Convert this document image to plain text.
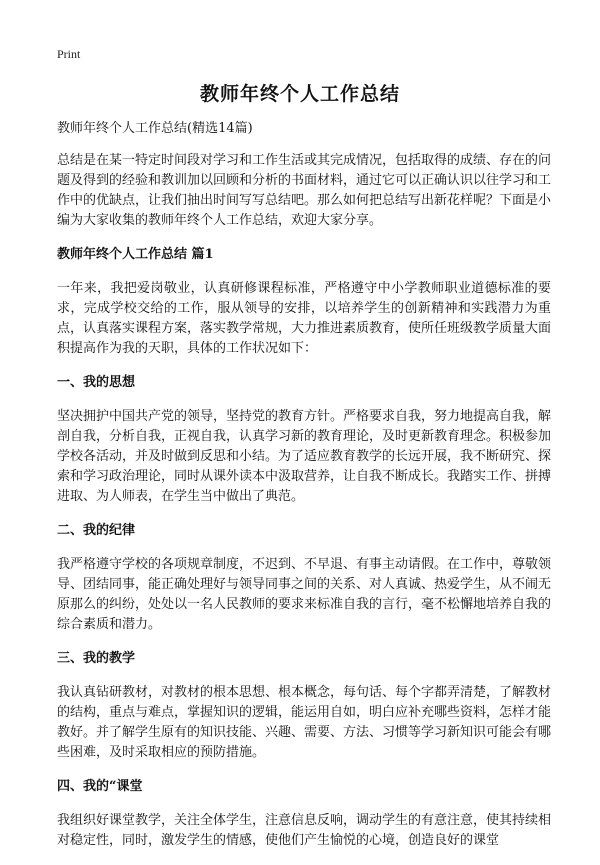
Print
教师年终个人工作总结

教师年终个人工作总结(精选14篇)

总结是在某一特定时间段对学习和工作生活或其完成情况，包括取得的成绩、存在的问题及得到的经验和教训加以回顾和分析的书面材料，通过它可以正确认识以往学习和工作中的优缺点，让我们抽出时间写写总结吧。那么如何把总结写出新花样呢？下面是小编为大家收集的教师年终个人工作总结，欢迎大家分享。

教师年终个人工作总结 篇1

一年来，我把爱岗敬业，认真研修课程标准，严格遵守中小学教师职业道德标准的要求，完成学校交给的工作，服从领导的安排，以培养学生的创新精神和实践潜力为重点，认真落实课程方案，落实教学常规，大力推进素质教育，使所任班级教学质量大面积提高作为我的天职，具体的工作状况如下：

一、我的思想

坚决拥护中国共产党的领导，坚持党的教育方针。严格要求自我，努力地提高自我，解剖自我，分析自我，正视自我，认真学习新的教育理论，及时更新教育理念。积极参加学校各活动，并及时做到反思和小结。为了适应教育教学的长远开展，我不断研究、探索和学习政治理论，同时从课外读本中汲取营养，让自我不断成长。我踏实工作、拼搏进取、为人师表，在学生当中做出了典范。

二、我的纪律

我严格遵守学校的各项规章制度，不迟到、不早退、有事主动请假。在工作中，尊敬领导、团结同事，能正确处理好与领导同事之间的关系、对人真诚、热爱学生，从不闹无原那么的纠纷，处处以一名人民教师的要求来标准自我的言行，毫不松懈地培养自我的综合素质和潜力。

三、我的教学

我认真钻研教材，对教材的根本思想、根本概念，每句话、每个字都弄清楚，了解教材的结构，重点与难点，掌握知识的逻辑，能运用自如，明白应补充哪些资料，怎样才能教好。并了解学生原有的知识技能、兴趣、需要、方法、习惯等学习新知识可能会有哪些困难，及时采取相应的预防措施。

四、我的“课堂

我组织好课堂教学，关注全体学生，注意信息反响，调动学生的有意注意，使其持续相对稳定性，同时，激发学生的情感，使他们产生愉悦的心境，创造良好的课堂
